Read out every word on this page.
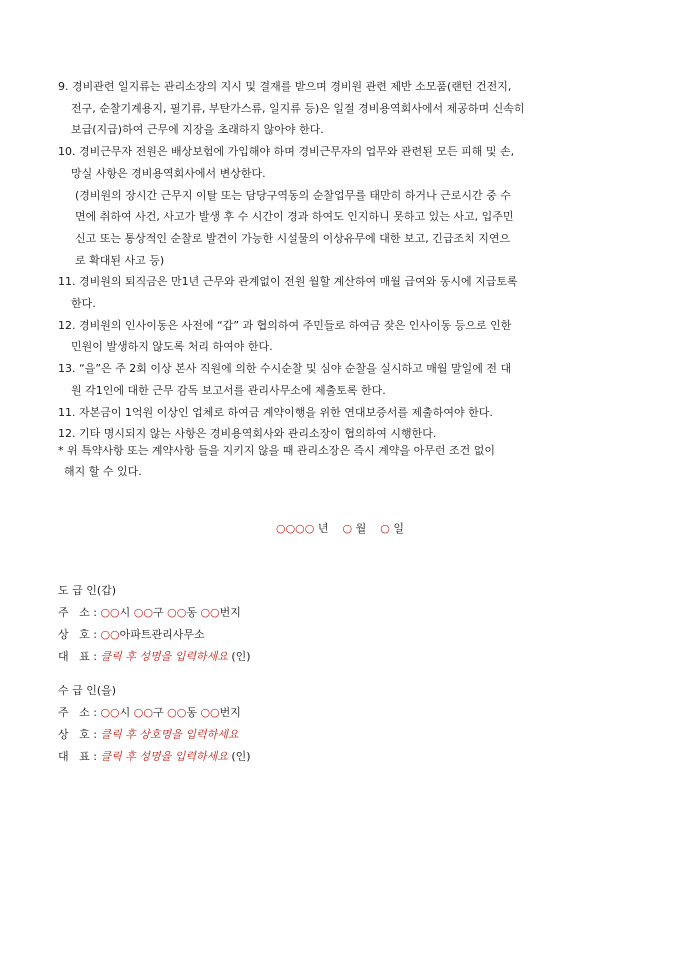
9. 경비관련 일지류는 관리소장의 지시 및 결재를 받으며 경비원 관련 제반 소모품(랜턴 건전지,
전구, 순찰기계용지, 필기류, 부탄가스류, 일지류 등)은 일절 경비용역회사에서 제공하며 신속히
보급(지급)하여 근무에 지장을 초래하지 않아야 한다.
10. 경비근무자 전원은 배상보험에 가입해야 하며 경비근무자의 업무와 관련된 모든 피해 및 손,
망실 사항은 경비용역회사에서 변상한다.
(경비원의 장시간 근무지 이탈 또는 담당구역동의 순찰업무를 태만히 하거나 근로시간 중 수
면에 취하여 사건, 사고가 발생 후 수 시간이 경과 하여도 인지하니 못하고 있는 사고, 입주민
신고 또는 통상적인 순찰로 발견이 가능한 시설물의 이상유무에 대한 보고, 긴급조치 지연으
로 확대된 사고 등)
11. 경비원의 퇴직금은 만1년 근무와 관계없이 전원 월할 계산하여 매월 급여와 동시에 지급토록
한다.
12. 경비원의 인사이동은 사전에 “갑” 과 협의하여 주민들로 하여금 잦은 인사이동 등으로 인한
민원이 발생하지 않도록 처리 하여야 한다.
13. “을”은 주 2회 이상 본사 직원에 의한 수시순찰 및 심야 순찰을 실시하고 매월 말일에 전 대
원 각1인에 대한 근무 감독 보고서를 관리사무소에 제출토록 한다.
11. 자본금이 1억원 이상인 업체로 하여금 계약이행을 위한 연대보증서를 제출하여야 한다.
12. 기타 명시되지 않는 사항은 경비용역회사와 관리소장이 협의하여 시행한다.
* 위 특약사항 또는 계약사항 들을 지키지 않을 때 관리소장은 즉시 계약을 아무런 조건 없이
해지 할 수 있다.
○○○○ 년 ○ 월 ○ 일
도 급 인(갑)
주   소 : ○○시 ○○구 ○○동 ○○번지
상   호 : ○○아파트관리사무소
대   표 : 클릭 후 성명을 입력하세요 (인)
수 급 인(을)
주   소 : ○○시 ○○구 ○○동 ○○번지
상   호 : 클릭 후 상호명을 입력하세요
대   표 : 클릭 후 성명을 입력하세요 (인)
